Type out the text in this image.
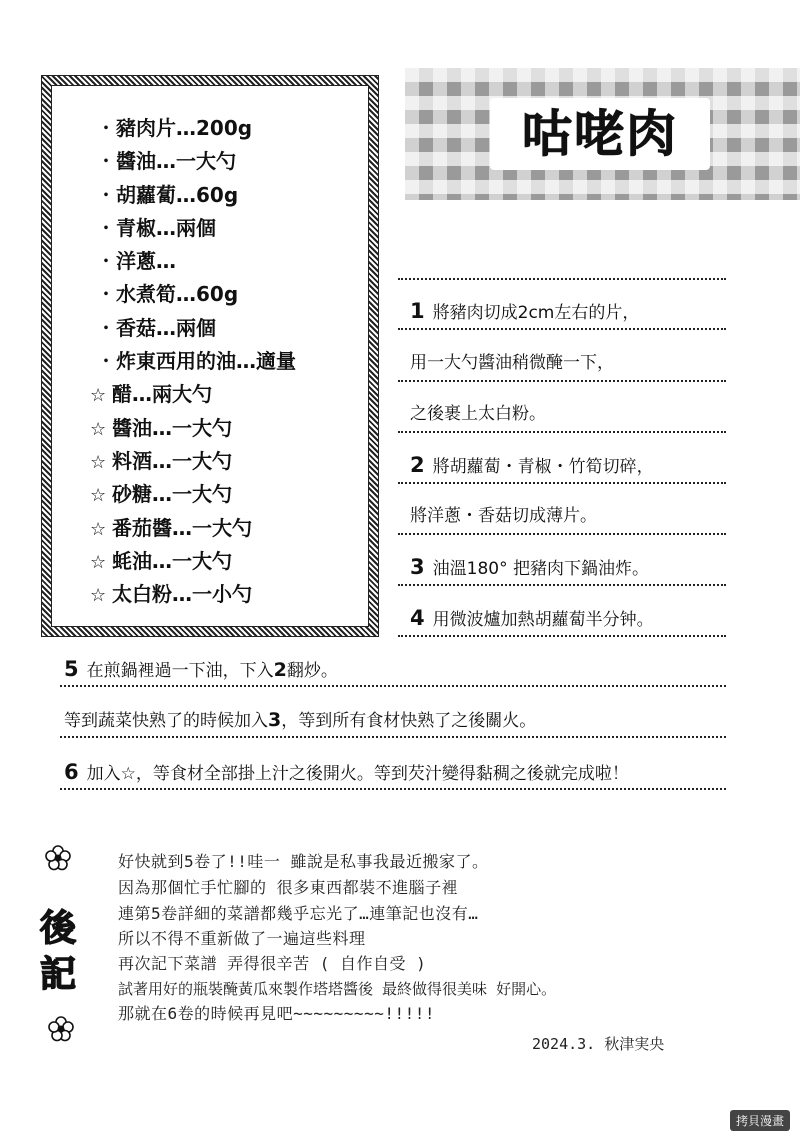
・豬肉片…200g
・醬油…一大勺
・胡蘿蔔…60g
・青椒…兩個
・洋蔥…
・水煮筍…60g
・香菇…兩個
・炸東西用的油…適量
☆ 醋…兩大勺
☆ 醬油…一大勺
☆ 料酒…一大勺
☆ 砂糖…一大勺
☆ 番茄醬…一大勺
☆ 蚝油…一大勺
☆ 太白粉…一小勺
咕咾肉
1 將豬肉切成2cm左右的片，
用一大勺醬油稍微醃一下，
之後裹上太白粉。
2 將胡蘿蔔・青椒・竹筍切碎，
將洋蔥・香菇切成薄片。
3 油溫180° 把豬肉下鍋油炸。
4 用微波爐加熱胡蘿蔔半分钟。
5 在煎鍋裡過一下油，下入2翻炒。
等到蔬菜快熟了的時候加入3，等到所有食材快熟了之後關火。
6 加入☆，等食材全部掛上汁之後開火。等到芡汁變得黏稠之後就完成啦！
後
記
好快就到5卷了!!哇一 雖說是私事我最近搬家了。
因為那個忙手忙腳的 很多東西都裝不進腦子裡
連第5卷詳細的菜譜都幾乎忘光了…連筆記也沒有…
所以不得不重新做了一遍這些料理
再次記下菜譜 弄得很辛苦 ( 自作自受 )
試著用好的瓶裝醃黃瓜來製作塔塔醬後 最終做得很美味 好開心。
那就在6卷的時候再見吧~~~~~~~~~!!!!!
2024.3. 秋津実央
拷貝漫畫
